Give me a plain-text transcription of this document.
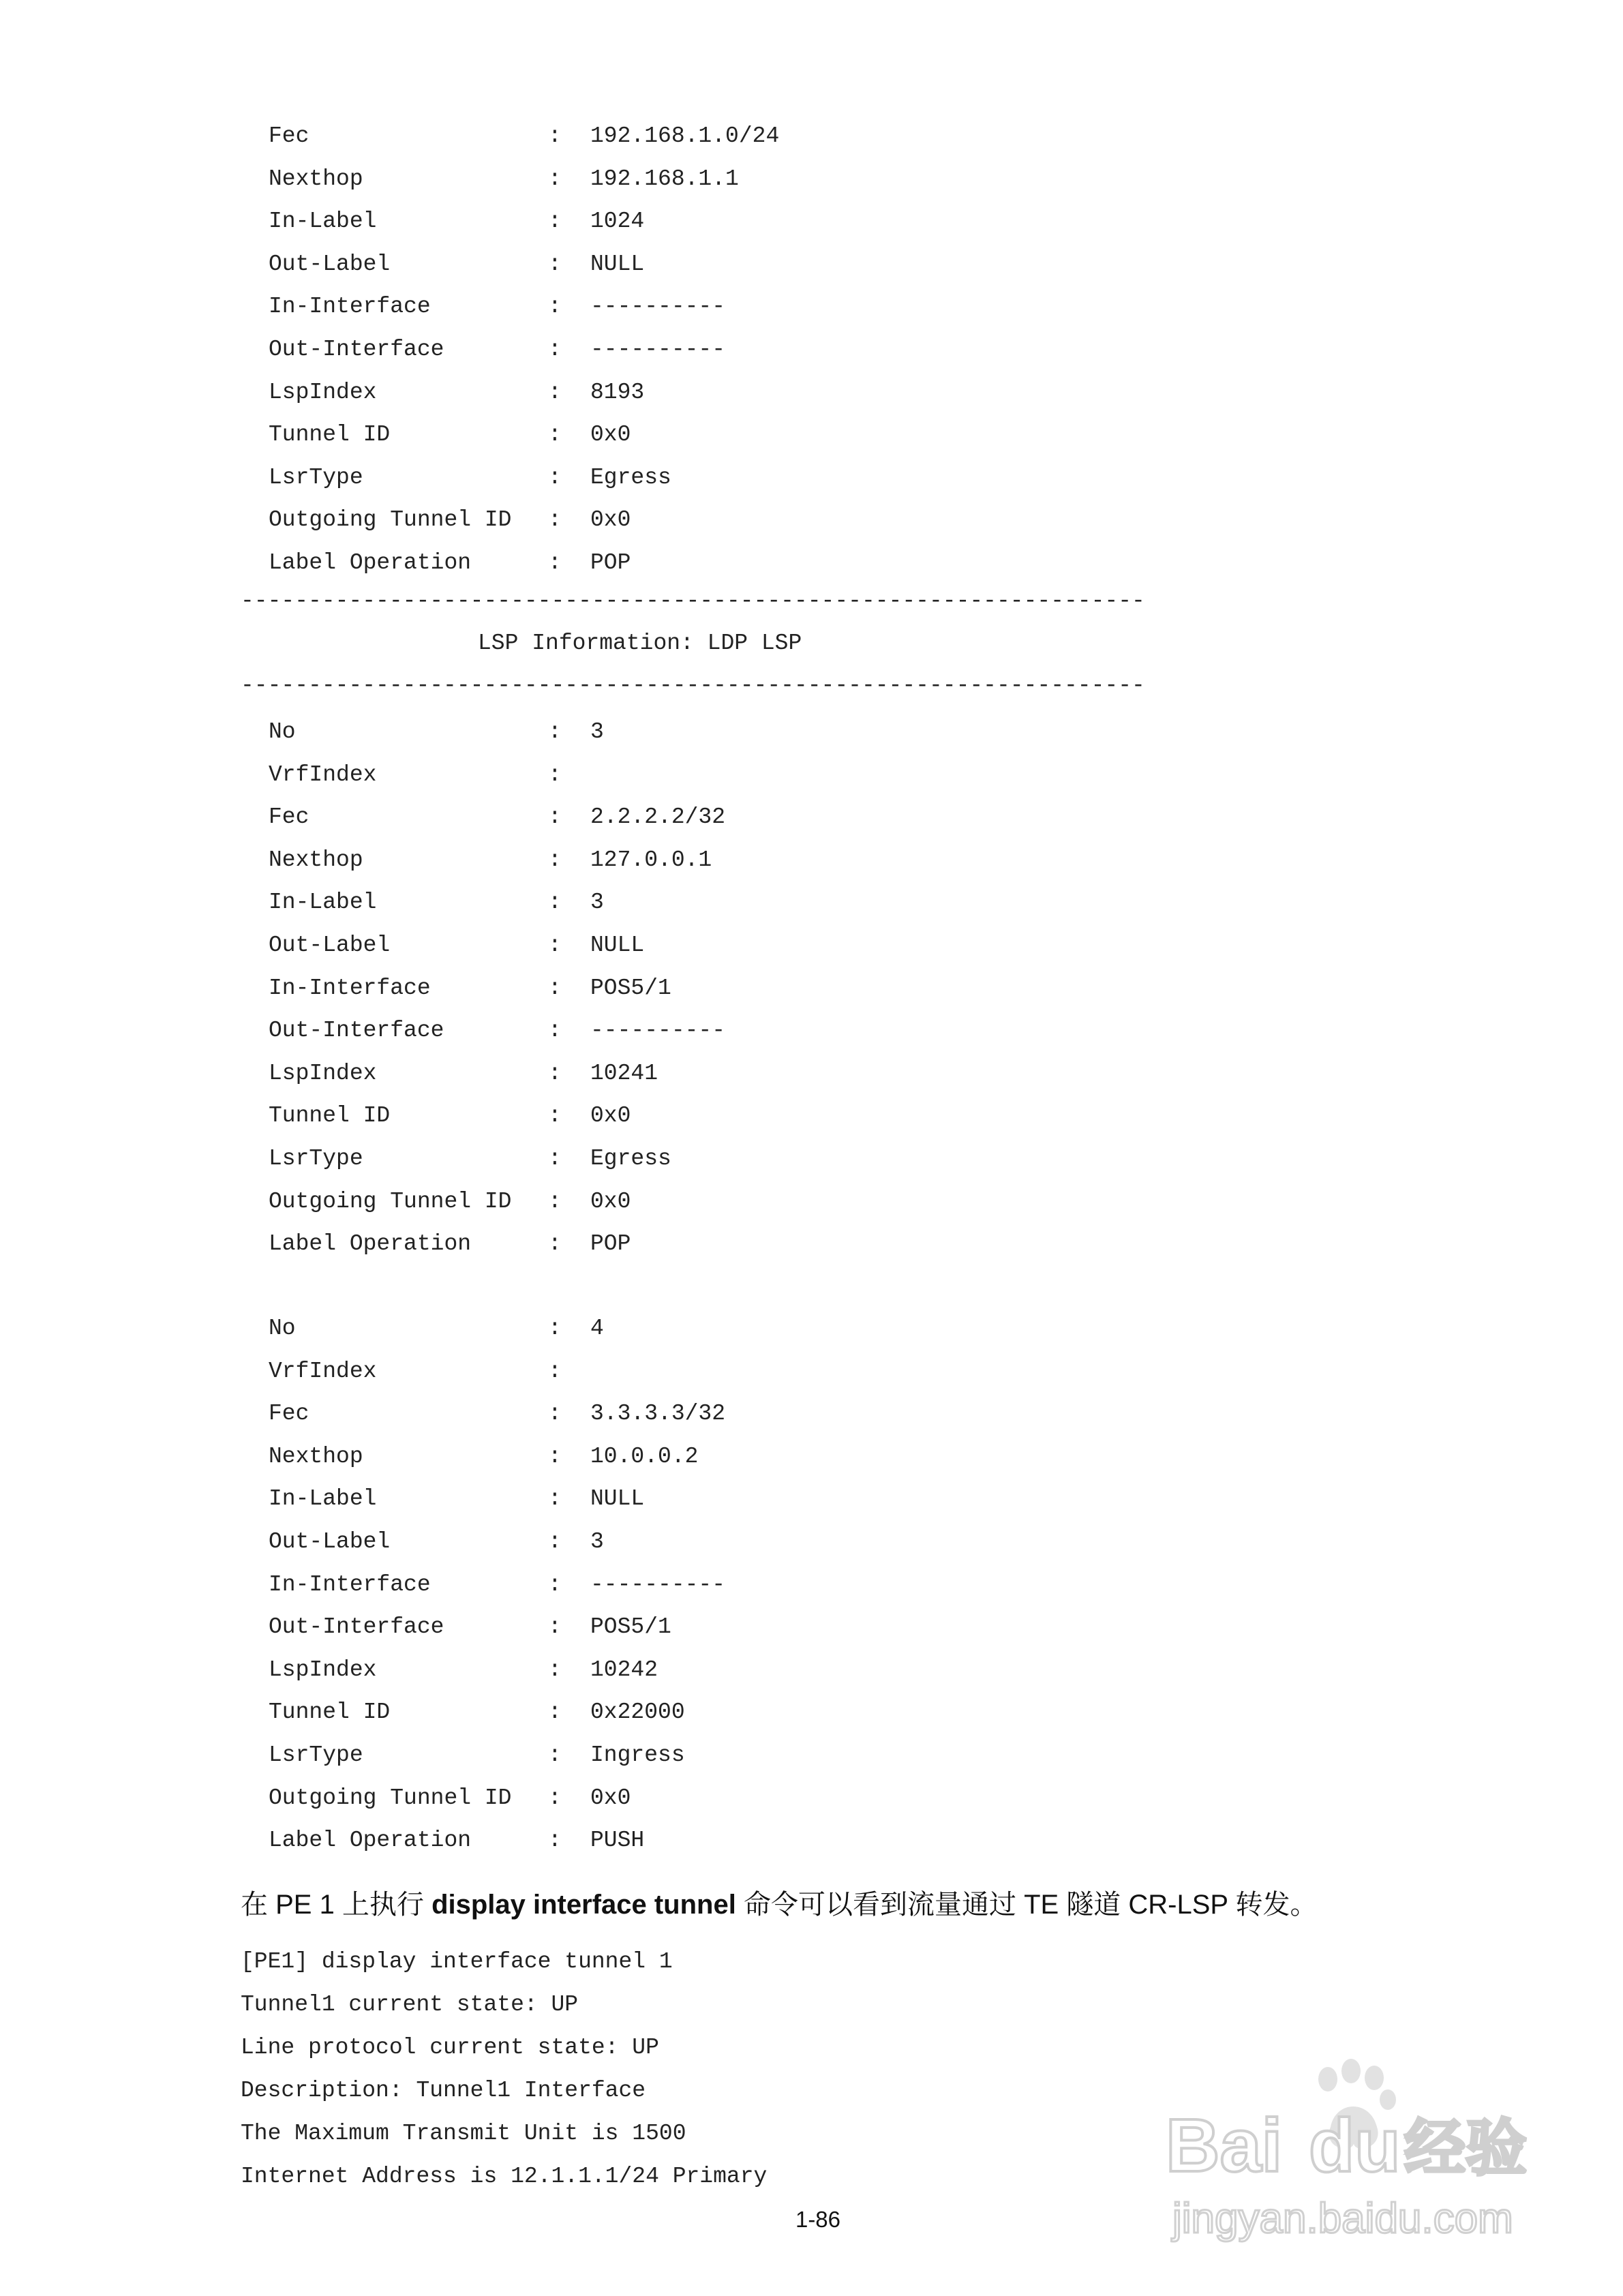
Fec	: 192.168.1.0/24
Nexthop	: 192.168.1.1
In-Label	: 1024
Out-Label	: NULL
In-Interface	: ----------
Out-Interface	: ----------
LspIndex	: 8193
Tunnel ID	: 0x0
LsrType	: Egress
Outgoing Tunnel ID : 0x0
Label Operation	: POP
-------------------------------------------------------------------
LSP Information: LDP LSP
-------------------------------------------------------------------
No	: 3
VrfIndex	:
Fec	: 2.2.2.2/32
Nexthop	: 127.0.0.1
In-Label	: 3
Out-Label	: NULL
In-Interface	: POS5/1
Out-Interface	: ----------
LspIndex	: 10241
Tunnel ID	: 0x0
LsrType	: Egress
Outgoing Tunnel ID : 0x0
Label Operation	: POP
No	: 4
VrfIndex	:
Fec	: 3.3.3.3/32
Nexthop	: 10.0.0.2
In-Label	: NULL
Out-Label	: 3
In-Interface	: ----------
Out-Interface	: POS5/1
LspIndex	: 10242
Tunnel ID	: 0x22000
LsrType	: Ingress
Outgoing Tunnel ID : 0x0
Label Operation	: PUSH
在 PE 1 上执行 display interface tunnel 命令可以看到流量通过 TE 隧道 CR-LSP 转发。
[PE1] display interface tunnel 1
Tunnel1 current state: UP
Line protocol current state: UP
Description: Tunnel1 Interface
The Maximum Transmit Unit is 1500
Internet Address is 12.1.1.1/24 Primary
1-86
Bai du 经验
jingyan.baidu.com
